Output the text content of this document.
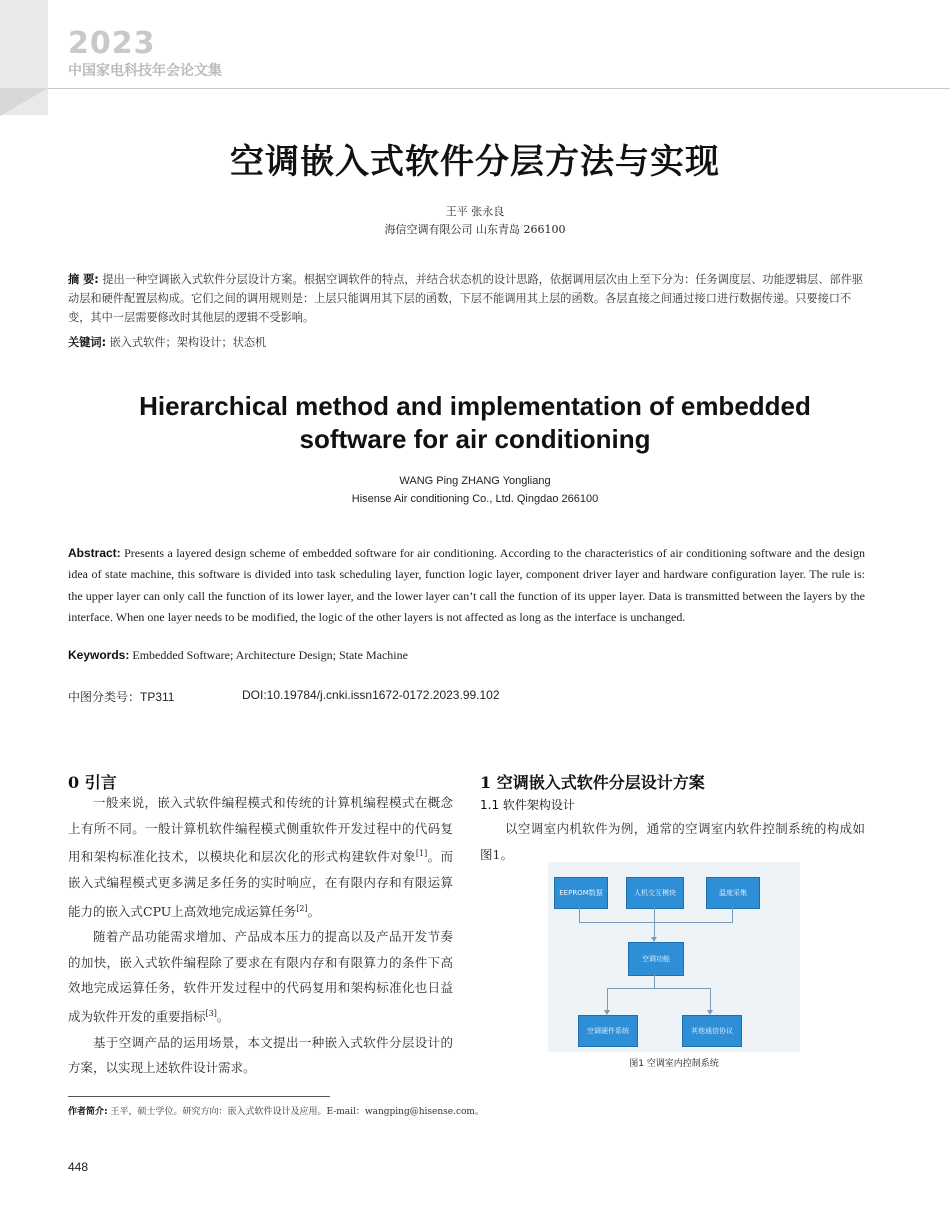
2023
中国家电科技年会论文集
空调嵌入式软件分层方法与实现
王平 张永良
海信空调有限公司 山东青岛 266100
摘 要: 提出一种空调嵌入式软件分层设计方案。根据空调软件的特点，并结合状态机的设计思路，依据调用层次由上至下分为：任务调度层、功能逻辑层、部件驱动层和硬件配置层构成。它们之间的调用规则是：上层只能调用其下层的函数，下层不能调用其上层的函数。各层直接之间通过接口进行数据传递。只要接口不变，其中一层需要修改时其他层的逻辑不受影响。
关键词: 嵌入式软件；架构设计；状态机
Hierarchical method and implementation of embedded
software for air conditioning
WANG Ping ZHANG Yongliang
Hisense Air conditioning Co., Ltd. Qingdao 266100
Abstract: Presents a layered design scheme of embedded software for air conditioning. According to the characteristics of air conditioning software and the design idea of state machine, this software is divided into task scheduling layer, function logic layer, component driver layer and hardware configuration layer. The rule is: the upper layer can only call the function of its lower layer, and the lower layer can’t call the function of its upper layer. Data is transmitted between the layers by the interface. When one layer needs to be modified, the logic of the other layers is not affected as long as the interface is unchanged.
Keywords: Embedded Software; Architecture Design; State Machine
中图分类号：TP311	DOI:10.19784/j.cnki.issn1672-0172.2023.99.102
0 引言

一般来说，嵌入式软件编程模式和传统的计算机编程模式在概念上有所不同。一般计算机软件编程模式侧重软件开发过程中的代码复用和架构标准化技术，以模块化和层次化的形式构建软件对象[1]。而嵌入式编程模式更多满足多任务的实时响应，在有限内存和有限运算能力的嵌入式CPU上高效地完成运算任务[2]。

随着产品功能需求增加、产品成本压力的提高以及产品开发节奏的加快，嵌入式软件编程除了要求在有限内存和有限算力的条件下高效地完成运算任务，软件开发过程中的代码复用和架构标准化也日益成为软件开发的重要指标[3]。

基于空调产品的运用场景，本文提出一种嵌入式软件分层设计的方案，以实现上述软件设计需求。

1 空调嵌入式软件分层设计方案
1.1 软件架构设计

以空调室内机软件为例，通常的空调室内软件控制系统的构成如图1。

EEPROM数据	人机交互模块	温度采集
空调功能
空调硬件系统	其他通信协议
图1 空调室内控制系统
作者简介: 王平，硕士学位。研究方向：嵌入式软件设计及应用。E-mail：wangping@hisense.com。
448
